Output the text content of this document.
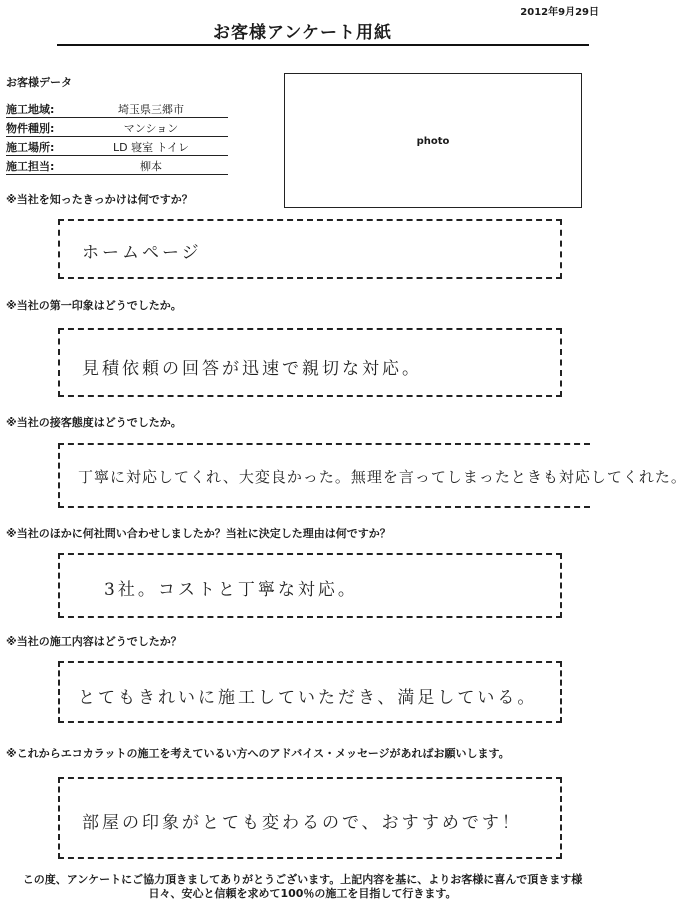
2012年9月29日
お客様アンケート用紙
お客様データ
施工地域:	埼玉県三郷市
物件種別:	マンション
施工場所:	LD 寝室 トイレ
施工担当:	柳本
photo
※当社を知ったきっかけは何ですか？
ホームページ
※当社の第一印象はどうでしたか。
見積依頼の回答が迅速で親切な対応。
※当社の接客態度はどうでしたか。
丁寧に対応してくれ、大変良かった。無理を言ってしまったときも対応してくれた。
※当社のほかに何社問い合わせしましたか？当社に決定した理由は何ですか？
3社。コストと丁寧な対応。
※当社の施工内容はどうでしたか？
とてもきれいに施工していただき、満足している。
※これからエコカラットの施工を考えているい方へのアドバイス・メッセージがあればお願いします。
部屋の印象がとても変わるので、おすすめです！
この度、アンケートにご協力頂きましてありがとうございます。上記内容を基に、よりお客様に喜んで頂きます様
日々、安心と信頼を求めて100％の施工を目指して行きます。
